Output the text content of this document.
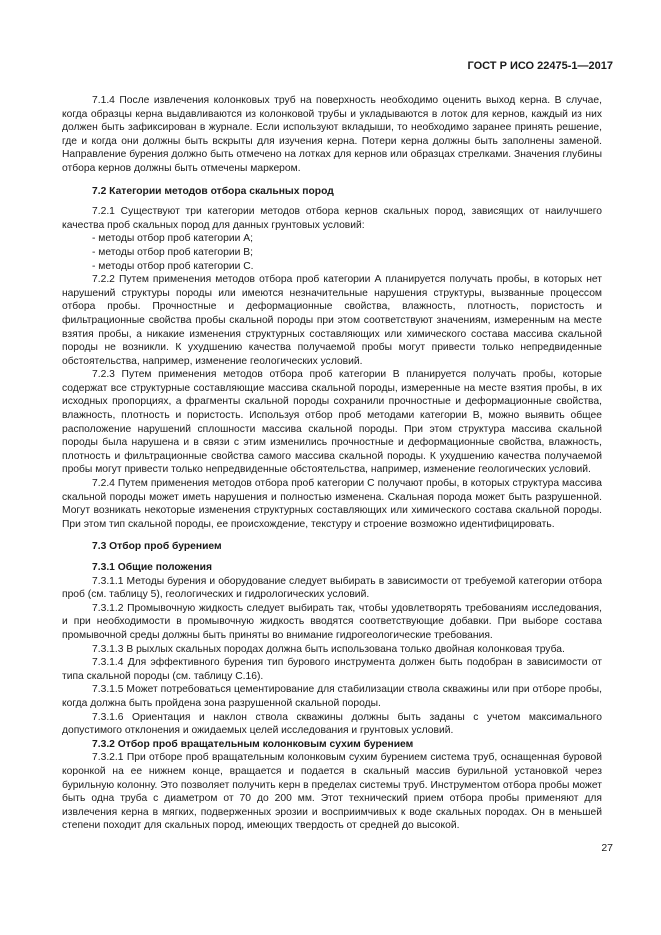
ГОСТ Р ИСО 22475-1—2017

7.1.4 После извлечения колонковых труб на поверхность необходимо оценить выход керна. В случае, когда образцы керна выдавливаются из колонковой трубы и укладываются в лоток для кернов, каждый из них должен быть зафиксирован в журнале. Если используют вкладыши, то необходимо заранее принять решение, где и когда они должны быть вскрыты для изучения керна. Потери керна должны быть заполнены заменой. Направление бурения должно быть отмечено на лотках для кернов или образцах стрелками. Значения глубины отбора кернов должны быть отмечены маркером.

7.2 Категории методов отбора скальных пород

7.2.1 Существуют три категории методов отбора кернов скальных пород, зависящих от наилучшего качества проб скальных пород для данных грунтовых условий:

- методы отбор проб категории А;

- методы отбор проб категории В;

- методы отбор проб категории С.

7.2.2 Путем применения методов отбора проб категории А планируется получать пробы, в которых нет нарушений структуры породы или имеются незначительные нарушения структуры, вызванные процессом отбора пробы. Прочностные и деформационные свойства, влажность, плотность, пористость и фильтрационные свойства пробы скальной породы при этом соответствуют значениям, измеренным на месте взятия пробы, а никакие изменения структурных составляющих или химического состава массива скальной породы не возникли. К ухудшению качества получаемой пробы могут привести только непредвиденные обстоятельства, например, изменение геологических условий.

7.2.3 Путем применения методов отбора проб категории В планируется получать пробы, которые содержат все структурные составляющие массива скальной породы, измеренные на месте взятия пробы, в их исходных пропорциях, а фрагменты скальной породы сохранили прочностные и деформационные свойства, влажность, плотность и пористость. Используя отбор проб методами категории В, можно выявить общее расположение нарушений сплошности массива скальной породы. При этом структура массива скальной породы была нарушена и в связи с этим изменились прочностные и деформационные свойства, влажность, плотность и фильтрационные свойства самого массива скальной породы. К ухудшению качества получаемой пробы могут привести только непредвиденные обстоятельства, например, изменение геологических условий.

7.2.4 Путем применения методов отбора проб категории С получают пробы, в которых структура массива скальной породы может иметь нарушения и полностью изменена. Скальная порода может быть разрушенной. Могут возникать некоторые изменения структурных составляющих или химического состава скальной породы. При этом тип скальной породы, ее происхождение, текстуру и строение возможно идентифицировать.

7.3 Отбор проб бурением

7.3.1 Общие положения

7.3.1.1 Методы бурения и оборудование следует выбирать в зависимости от требуемой категории отбора проб (см. таблицу 5), геологических и гидрологических условий.

7.3.1.2 Промывочную жидкость следует выбирать так, чтобы удовлетворять требованиям исследования, и при необходимости в промывочную жидкость вводятся соответствующие добавки. При выборе состава промывочной среды должны быть приняты во внимание гидрогеологические требования.

7.3.1.3 В рыхлых скальных породах должна быть использована только двойная колонковая труба.

7.3.1.4 Для эффективного бурения тип бурового инструмента должен быть подобран в зависимости от типа скальной породы (см. таблицу С.16).

7.3.1.5 Может потребоваться цементирование для стабилизации ствола скважины или при отборе пробы, когда должна быть пройдена зона разрушенной скальной породы.

7.3.1.6 Ориентация и наклон ствола скважины должны быть заданы с учетом максимального допустимого отклонения и ожидаемых целей исследования и грунтовых условий.

7.3.2 Отбор проб вращательным колонковым сухим бурением

7.3.2.1 При отборе проб вращательным колонковым сухим бурением система труб, оснащенная буровой коронкой на ее нижнем конце, вращается и подается в скальный массив бурильной установкой через бурильную колонну. Это позволяет получить керн в пределах системы труб. Инструментом отбора пробы может быть одна труба с диаметром от 70 до 200 мм. Этот технический прием отбора пробы применяют для извлечения керна в мягких, подверженных эрозии и восприимчивых к воде скальных породах. Он в меньшей степени походит для скальных пород, имеющих твердость от средней до высокой.

27
